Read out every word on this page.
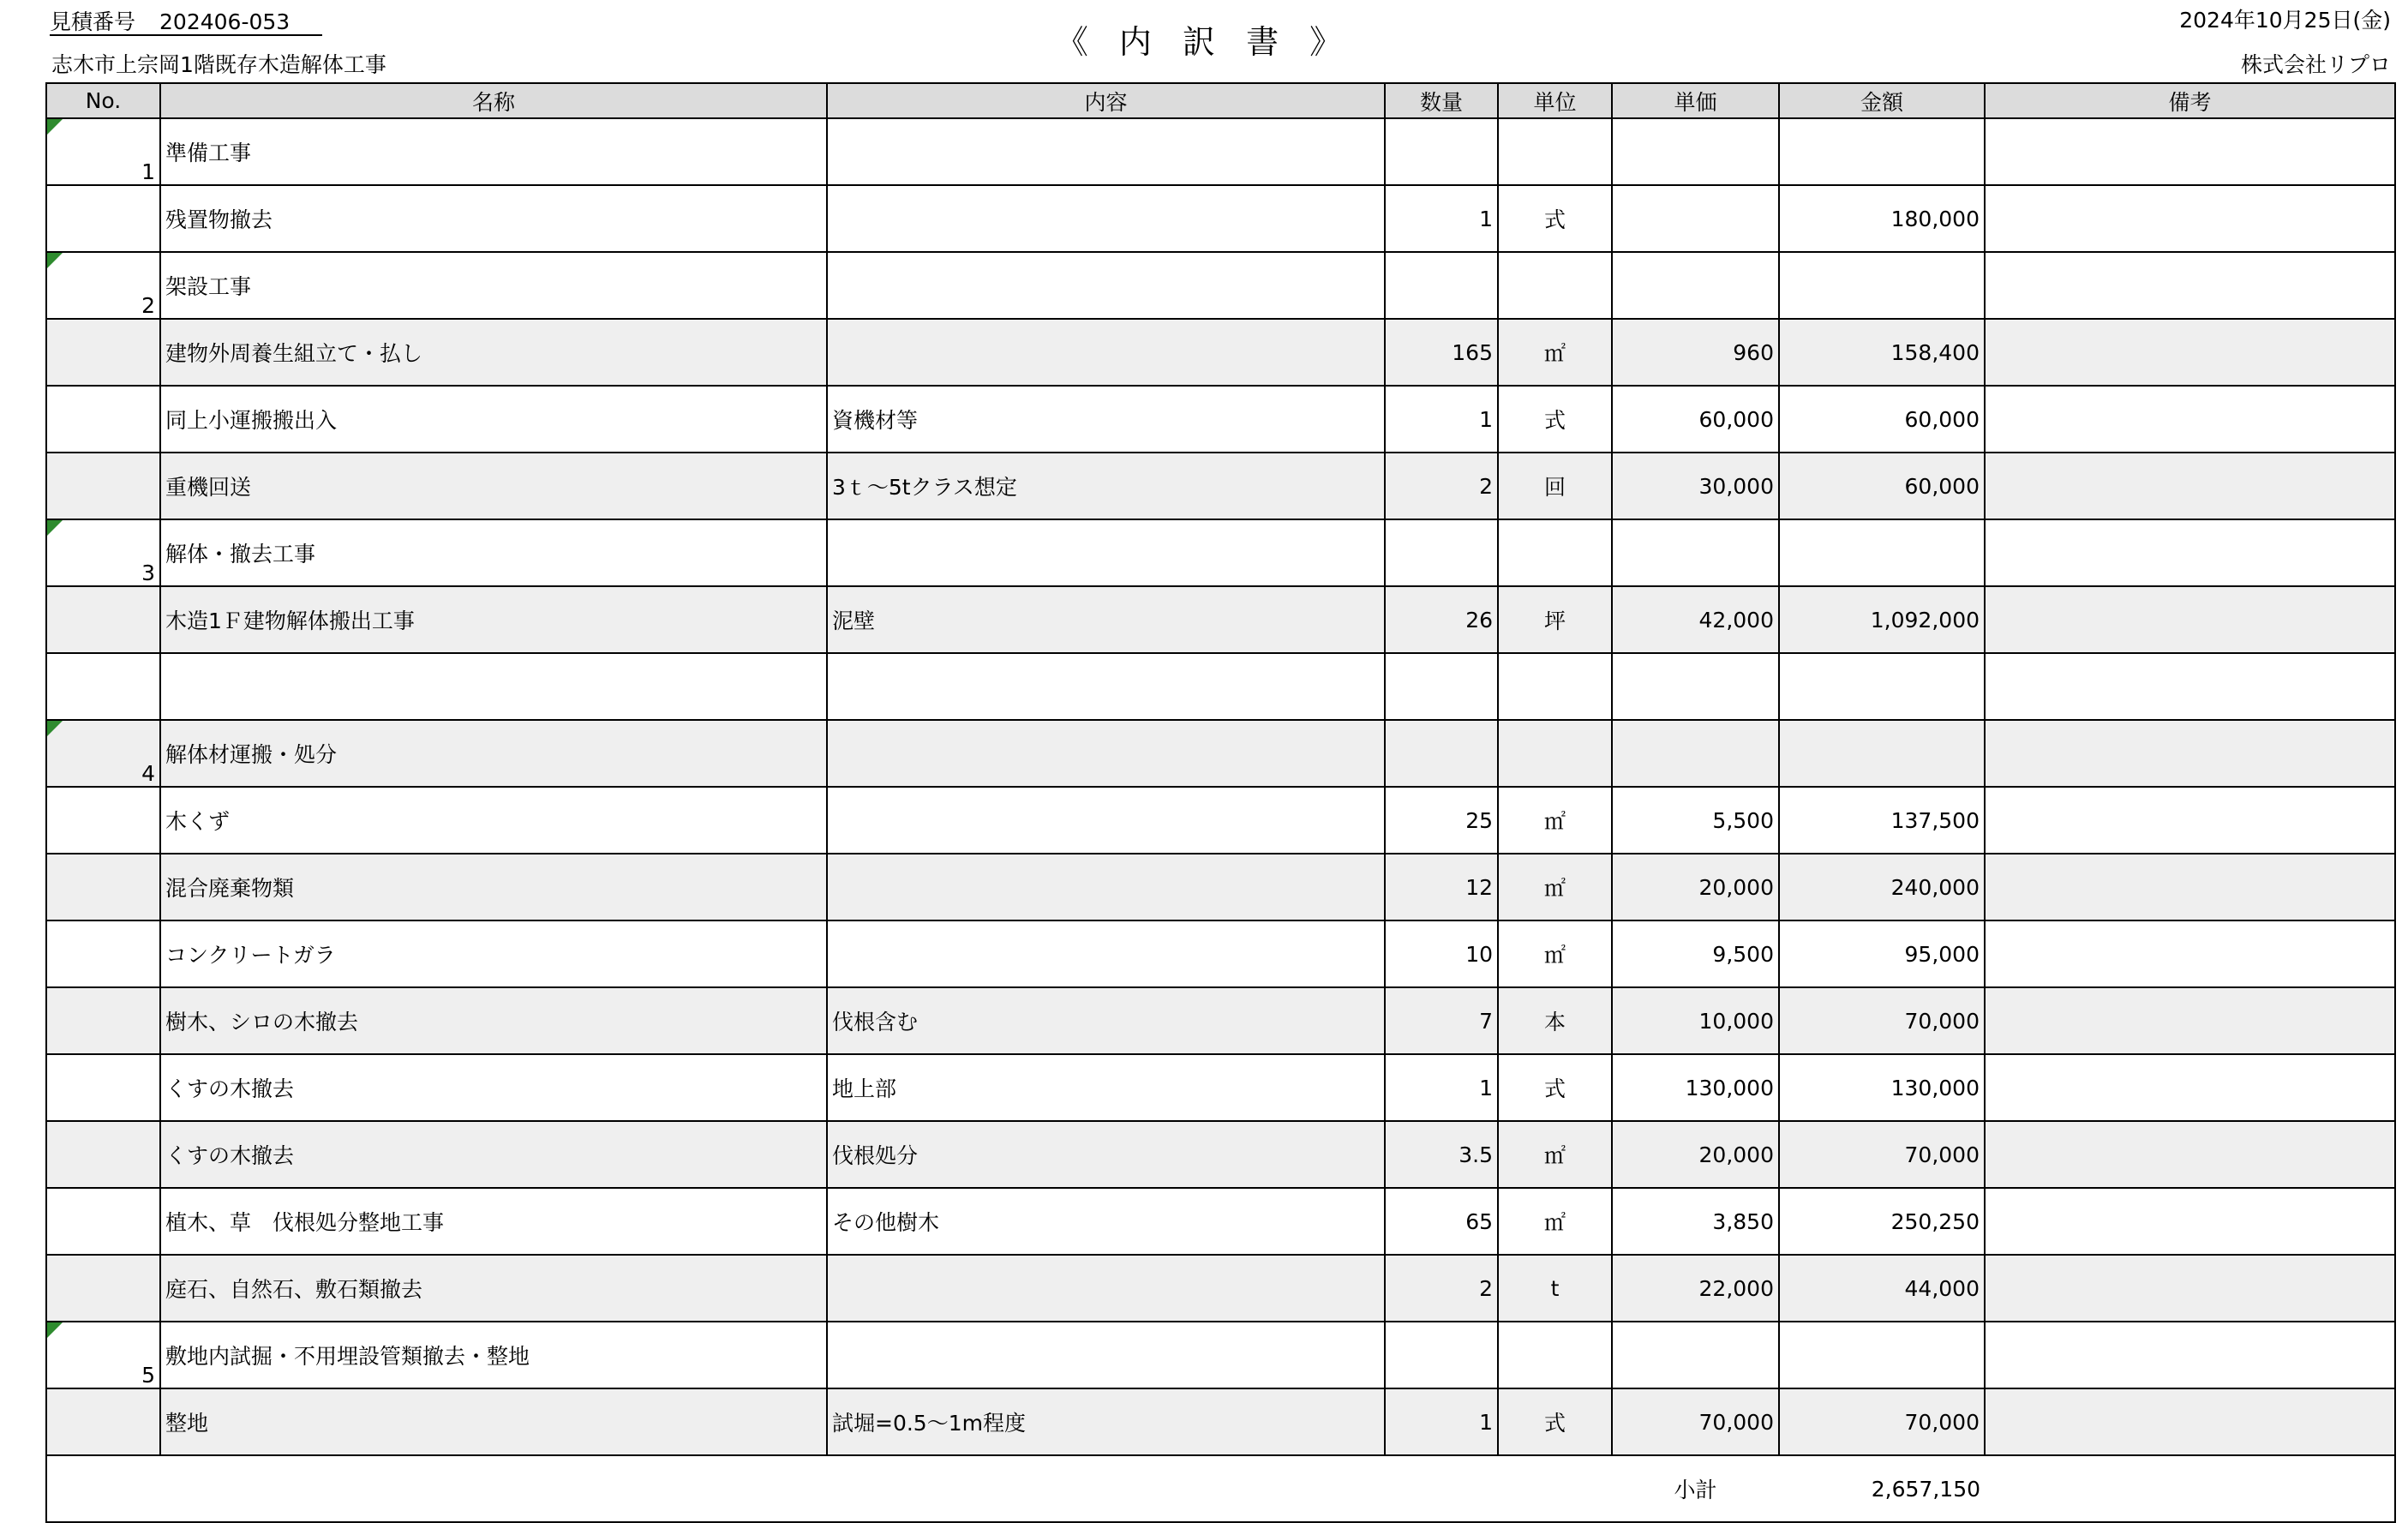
見積番号 202406-053
《 内 訳 書 》
2024年10月25日(金)
志木市上宗岡1階既存木造解体工事	株式会社リプロ
No.	名称	内容	数量	単位	単価	金額	備考
1	準備工事						
	残置物撤去		1	式		180,000	
2	架設工事						
	建物外周養生組立て・払し		165	㎡	960	158,400	
	同上小運搬搬出入	資機材等	1	式	60,000	60,000	
	重機回送	3ｔ～5tクラス想定	2	回	30,000	60,000	
3	解体・撤去工事						
	木造1Ｆ建物解体搬出工事	泥壁	26	坪	42,000	1,092,000	

4	解体材運搬・処分						
	木くず		25	㎡	5,500	137,500	
	混合廃棄物類		12	㎡	20,000	240,000	
	コンクリートガラ		10	㎡	9,500	95,000	
	樹木、シロの木撤去	伐根含む	7	本	10,000	70,000	
	くすの木撤去	地上部	1	式	130,000	130,000	
	くすの木撤去	伐根処分	3.5	㎡	20,000	70,000	
	植木、草　伐根処分整地工事	その他樹木	65	㎡	3,850	250,250	
	庭石、自然石、敷石類撤去		2	t	22,000	44,000	
5	敷地内試掘・不用埋設管類撤去・整地						
	整地	試堀=0.5～1m程度	1	式	70,000	70,000	
					小計	2,657,150	
